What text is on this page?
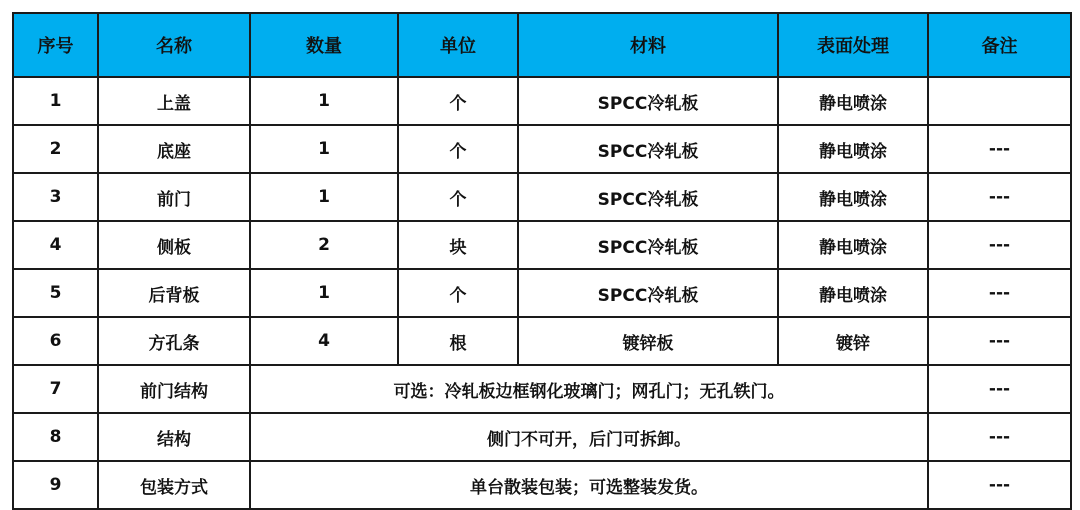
序号	名称	数量	单位	材料	表面处理	备注
1	上盖	1	个	SPCC冷轧板	静电喷涂	
2	底座	1	个	SPCC冷轧板	静电喷涂	---
3	前门	1	个	SPCC冷轧板	静电喷涂	---
4	侧板	2	块	SPCC冷轧板	静电喷涂	---
5	后背板	1	个	SPCC冷轧板	静电喷涂	---
6	方孔条	4	根	镀锌板	镀锌	---
7	前门结构	可选：冷轧板边框钢化玻璃门；网孔门；无孔铁门。				---
8	结构	侧门不可开，后门可拆卸。				---
9	包装方式	单台散装包装；可选整装发货。				---
